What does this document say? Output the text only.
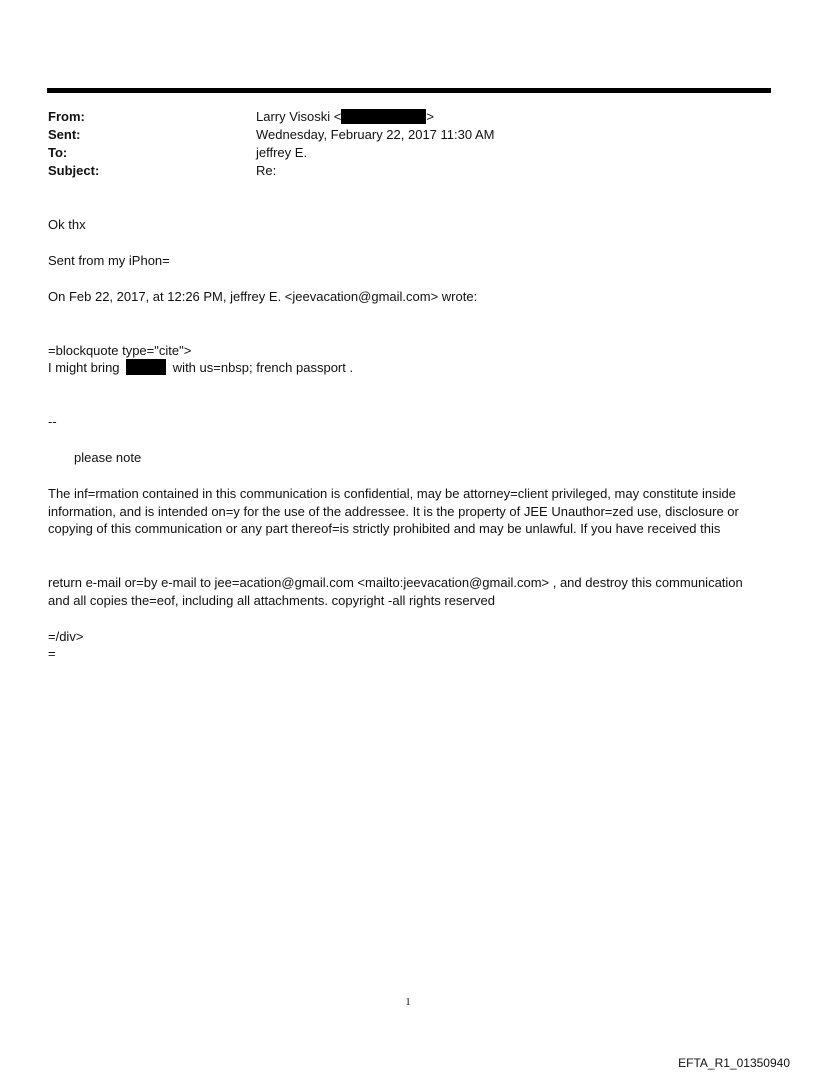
From:	Larry Visoski <	>
Sent:	Wednesday, February 22, 2017 11:30 AM
To:	jeffrey E.
Subject:	Re:
Ok thx
Sent from my iPhon=
On Feb 22, 2017, at 12:26 PM, jeffrey E. <jeevacation@gmail.com> wrote:
=blockquote type="cite">
I might bring	with us=nbsp; french passport .
--
please note
The inf=rmation contained in this communication is confidential, may be attorney=client privileged, may constitute inside information, and is intended on=y for the use of the addressee. It is the property of JEE Unauthor=zed use, disclosure or copying of this communication or any part thereof=is strictly prohibited and may be unlawful. If you have received this
return e-mail or=by e-mail to jee=acation@gmail.com <mailto:jeevacation@gmail.com> , and destroy this communication and all copies the=eof, including all attachments. copyright -all rights reserved
=/div>
=
1
EFTA_R1_01350940
